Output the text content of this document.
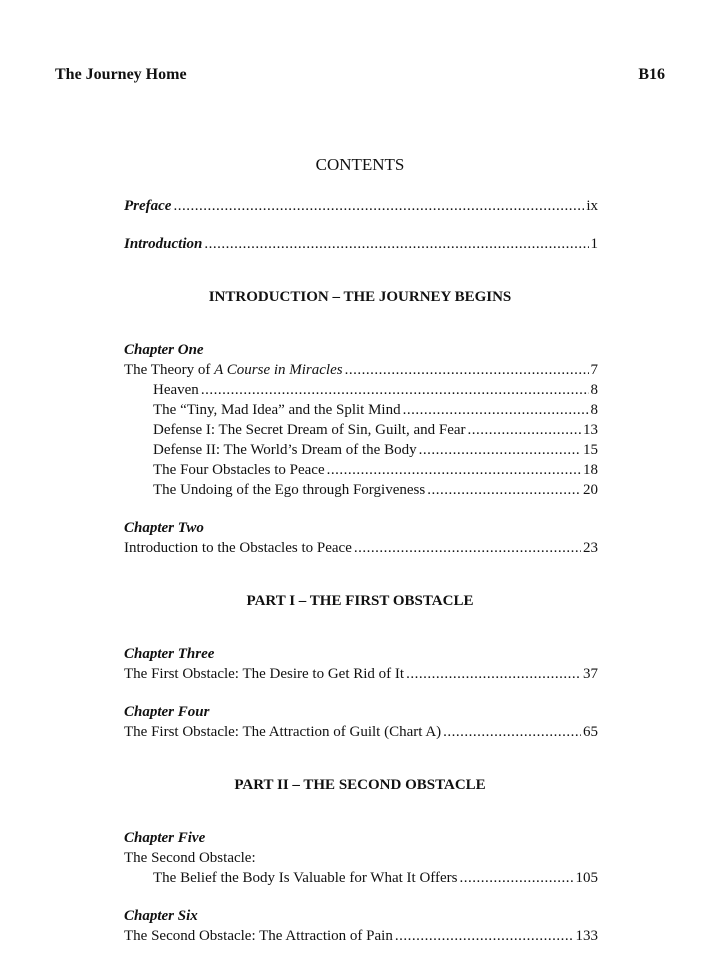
The Journey Home	B16
CONTENTS
Preface .....	ix
Introduction .....	1
INTRODUCTION – THE JOURNEY BEGINS
Chapter One
The Theory of A Course in Miracles .....	7
Heaven .....	8
The “Tiny, Mad Idea” and the Split Mind .....	8
Defense I: The Secret Dream of Sin, Guilt, and Fear .....	13
Defense II: The World’s Dream of the Body .....	15
The Four Obstacles to Peace .....	18
The Undoing of the Ego through Forgiveness .....	20
Chapter Two
Introduction to the Obstacles to Peace .....	23
PART I – THE FIRST OBSTACLE
Chapter Three
The First Obstacle: The Desire to Get Rid of It .....	37
Chapter Four
The First Obstacle: The Attraction of Guilt (Chart A) .....	65
PART II – THE SECOND OBSTACLE
Chapter Five
The Second Obstacle:
The Belief the Body Is Valuable for What It Offers .....	105
Chapter Six
The Second Obstacle: The Attraction of Pain .....	133
